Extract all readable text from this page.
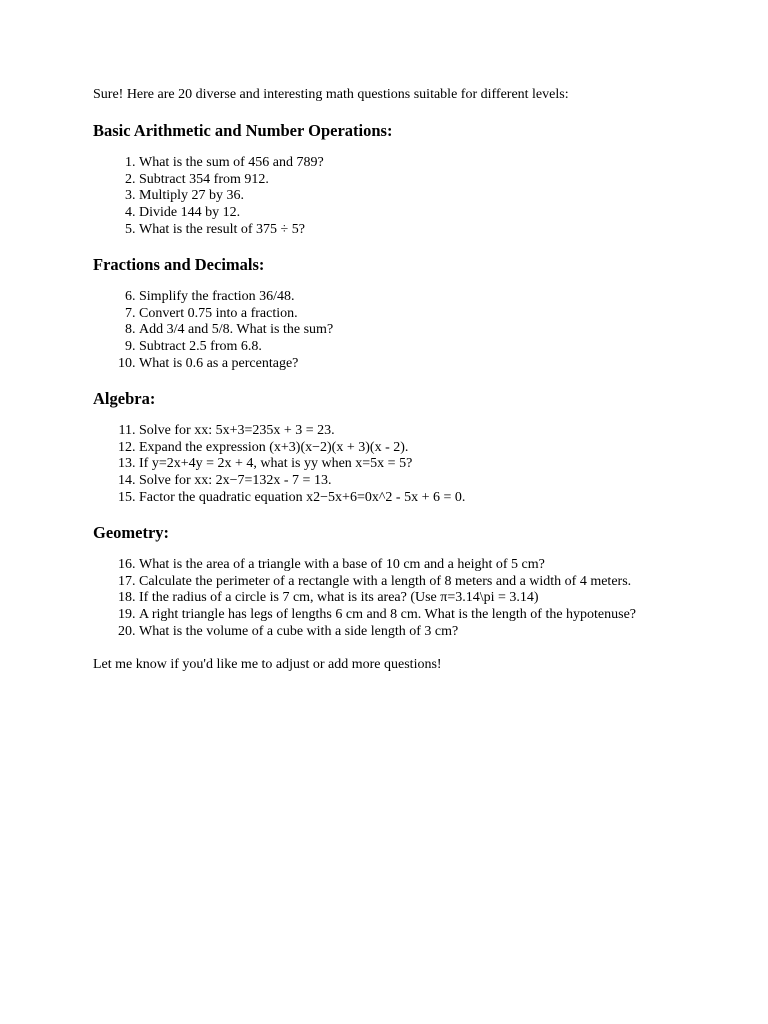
Sure! Here are 20 diverse and interesting math questions suitable for different levels:

Basic Arithmetic and Number Operations:
1. What is the sum of 456 and 789?
2. Subtract 354 from 912.
3. Multiply 27 by 36.
4. Divide 144 by 12.
5. What is the result of 375 ÷ 5?
Fractions and Decimals:
6. Simplify the fraction 36/48.
7. Convert 0.75 into a fraction.
8. Add 3/4 and 5/8. What is the sum?
9. Subtract 2.5 from 6.8.
10. What is 0.6 as a percentage?
Algebra:
11. Solve for xx: 5x+3=235x + 3 = 23.
12. Expand the expression (x+3)(x−2)(x + 3)(x - 2).
13. If y=2x+4y = 2x + 4, what is yy when x=5x = 5?
14. Solve for xx: 2x−7=132x - 7 = 13.
15. Factor the quadratic equation x2−5x+6=0x^2 - 5x + 6 = 0.
Geometry:
16. What is the area of a triangle with a base of 10 cm and a height of 5 cm?
17. Calculate the perimeter of a rectangle with a length of 8 meters and a width of 4 meters.
18. If the radius of a circle is 7 cm, what is its area? (Use π=3.14\pi = 3.14)
19. A right triangle has legs of lengths 6 cm and 8 cm. What is the length of the hypotenuse?
20. What is the volume of a cube with a side length of 3 cm?

Let me know if you'd like me to adjust or add more questions!
